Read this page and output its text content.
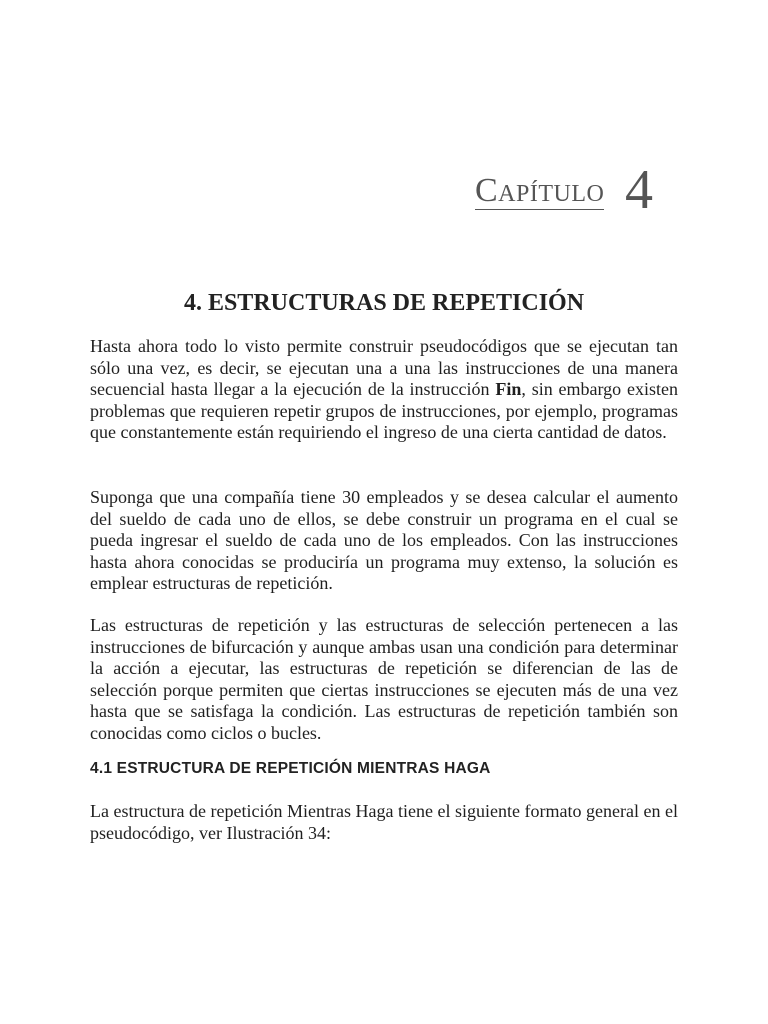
Capítulo 4
4. ESTRUCTURAS DE REPETICIÓN

Hasta ahora todo lo visto permite construir pseudocódigos que se ejecutan tan sólo una vez, es decir, se ejecutan una a una las instrucciones de una manera secuencial hasta llegar a la ejecución de la instrucción Fin, sin embargo existen problemas que requieren repetir grupos de instrucciones, por ejemplo, programas que constantemente están requiriendo el ingreso de una cierta cantidad de datos.

Suponga que una compañía tiene 30 empleados y se desea calcular el aumento del sueldo de cada uno de ellos, se debe construir un programa en el cual se pueda ingresar el sueldo de cada uno de los empleados. Con las instrucciones hasta ahora conocidas se produciría un programa muy extenso, la solución es emplear estructuras de repetición.

Las estructuras de repetición y las estructuras de selección pertenecen a las instrucciones de bifurcación y aunque ambas usan una condición para determinar la acción a ejecutar, las estructuras de repetición se diferencian de las de selección porque permiten que ciertas instrucciones se ejecuten más de una vez hasta que se satisfaga la condición. Las estructuras de repetición también son conocidas como ciclos o bucles.

4.1 ESTRUCTURA DE REPETICIÓN MIENTRAS HAGA

La estructura de repetición Mientras Haga tiene el siguiente formato general en el pseudocódigo, ver Ilustración 34:
